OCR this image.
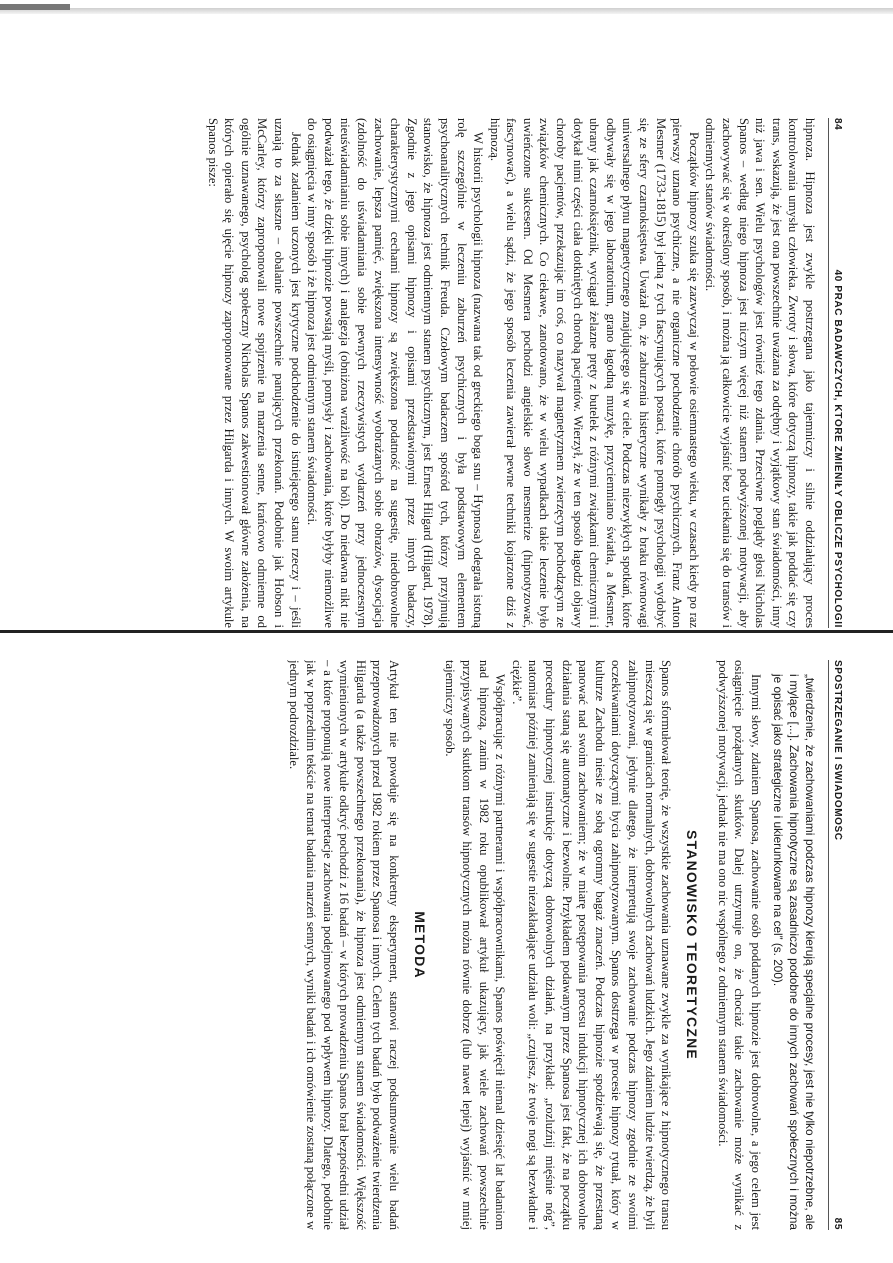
84
40 PRAC BADAWCZYCH, KTÓRE ZMIENIŁY OBLICZE PSYCHOLOGII

hipnoza. Hipnoza jest zwykle postrzegana jako tajemniczy i silnie oddziałujący proces kontrolowania umysłu człowieka. Zwroty i słowa, które dotyczą hipnozy, takie jak poddać się czy trans, wskazują, że jest ona powszechnie uważana za odrębny i wyjątkowy stan świadomości, inny niż jawa i sen. Wielu psychologów jest również tego zdania. Przeciwne poglądy głosi Nicholas Spanos – według niego hipnoza jest niczym więcej niż stanem podwyższonej motywacji, aby zachowywać się w określony sposób, i można ją całkowicie wyjaśnić bez uciekania się do transów i odmiennych stanów świadomości.

Początków hipnozy szuka się zazwyczaj w połowie osiemnastego wieku, w czasach kiedy po raz pierwszy uznano psychiczne, a nie organiczne pochodzenie chorób psychicznych. Franz Anton Mesmer (1733-1815) był jedną z tych fascynujących postaci, które pomogły psychologii wydobyć się ze sfery czarnoksięstwa. Uważał on, że zaburzenia histeryczne wynikały z braku równowagi uniwersalnego płynu magnetycznego znajdującego się w ciele. Podczas niezwykłych spotkań, które odbywały się w jego laboratorium, grano łagodną muzykę, przyciemniano światła, a Mesmer, ubrany jak czarnoksiężnik, wyciągał żelazne pręty z butelek z różnymi związkami chemicznymi i dotykał nimi części ciała dotkniętych chorobą pacjentów. Wierzył, że w ten sposób łagodzi objawy choroby pacjentów, przekazując im coś, co nazywał magnetyzmem zwierzęcym pochodzącym ze związków chemicznych. Co ciekawe, zanotowano, że w wielu wypadkach takie leczenie było uwieńczone sukcesem. Od Mesmera pochodzi angielskie słowo mesmerize (hipnotyzować, fascynować), a wielu sądzi, że jego sposób leczenia zawierał pewne techniki kojarzone dziś z hipnozą.

W historii psychologii hipnoza (nazwana tak od greckiego boga snu – Hypnosa) odegrała istotną rolę szczególnie w leczeniu zaburzeń psychicznych i była podstawowym elementem psychoanalitycznych technik Freuda. Czołowym badaczem spośród tych, którzy przyjmują stanowisko, że hipnoza jest odmiennym stanem psychicznym, jest Ernest Hilgard (Hilgard, 1978). Zgodnie z jego opisami hipnozy i opisami przedstawionymi przez innych badaczy, charakterystycznymi cechami hipnozy są zwiększona podatność na sugestię, niedobrowolne zachowanie, lepsza pamięć, zwiększona intensywność wyobrażanych sobie obrazów, dysocjacja (zdolność do uświadamiania sobie pewnych rzeczywistych wydarzeń przy jednoczesnym nieuświadamianiu sobie innych) i analgezja (obniżona wrażliwość na ból). Do niedawna nikt nie podważał tego, że dzięki hipnozie powstają myśli, pomysły i zachowania, które byłyby niemożliwe do osiągnięcia w inny sposób i że hipnoza jest odmiennym stanem świadomości.

Jednak zadaniem uczonych jest krytyczne podchodzenie do istniejącego stanu rzeczy i – jeśli uznają to za słuszne – obalanie powszechnie panujących przekonań. Podobnie jak Hobson i McCarley, którzy zaproponowali nowe spojrzenie na marzenia senne, krańcowo odmienne od ogólnie uznawanego, psycholog społeczny Nicholas Spanos zakwestionował główne założenia, na których opierało się ujęcie hipnozy zaproponowane przez Hilgarda i innych. W swoim artykule Spanos pisze:

SPOSTRZEGANIE I ŚWIADOMOŚĆ
85

„twierdzenie, że zachowaniami podczas hipnozy kierują specjalne procesy, jest nie tylko niepotrzebne, ale i mylące [...]. Zachowania hipnotyczne są zasadniczo podobne do innych zachowań społecznych i można je opisać jako strategiczne i ukierunkowane na cel” (s. 200).

Innymi słowy, zdaniem Spanosa, zachowanie osób poddanych hipnozie jest dobrowolne, a jego celem jest osiągnięcie pożądanych skutków. Dalej utrzymuje on, że chociaż takie zachowanie może wynikać z podwyższonej motywacji, jednak nie ma ono nic wspólnego z odmiennym stanem świadomości.

STANOWISKO TEORETYCZNE

Spanos sformułował teorię, że wszystkie zachowania uznawane zwykle za wynikające z hipnotycznego transu mieszczą się w granicach normalnych, dobrowolnych zachowań ludzkich. Jego zdaniem ludzie twierdzą, że byli zahipnotyzowani, jedynie dlatego, że interpretują swoje zachowanie podczas hipnozy zgodnie ze swoimi oczekiwaniami dotyczącymi bycia zahipnotyzowanym. Spanos dostrzega w procesie hipnozy rytuał, który w kulturze Zachodu niesie ze sobą ogromny bagaż znaczeń. Podczas hipnozie spodziewają się, że przestaną panować nad swoim zachowaniem; że w miarę postępowania procesu indukcji hipnotycznej ich dobrowolne działania staną się automatyczne i bezwolne. Przykładem podawanym przez Spanosa jest fakt, że na początku procedury hipnotycznej instrukcje dotyczą dobrowolnych działań, na przykład: „rozluźnij mięśnie nóg”, natomiast później zamieniają się w sugestie niezakładające udziału woli: „czujesz, że twoje nogi są bezwładne i ciężkie”.

Współpracując z różnymi partnerami i współpracownikami, Spanos poświęcił niemal dziesięć lat badaniom nad hipnozą, zanim w 1982 roku opublikował artykuł ukazujący, jak wiele zachowań powszechnie przypisywanych skutkom transów hipnotycznych można równie dobrze (lub nawet lepiej) wyjaśnić w mniej tajemniczy sposób.

METODA

Artykuł ten nie powołuje się na konkretny eksperyment, stanowi raczej podsumowanie wielu badań przeprowadzonych przed 1982 rokiem przez Spanosa i innych. Celem tych badań było podważenie twierdzenia Hilgarda (a także powszechnego przekonania), że hipnoza jest odmiennym stanem świadomości. Większość wymienionych w artykule odkryć pochodzi z 16 badań – w których prowadzeniu Spanos brał bezpośredni udział – a które proponują nowe interpretacje zachowania podejmowanego pod wpływem hipnozy. Dlatego, podobnie jak w poprzednim tekście na temat badania marzeń sennych, wyniki badań i ich omówienie zostaną połączone w jednym podrozdziale.
